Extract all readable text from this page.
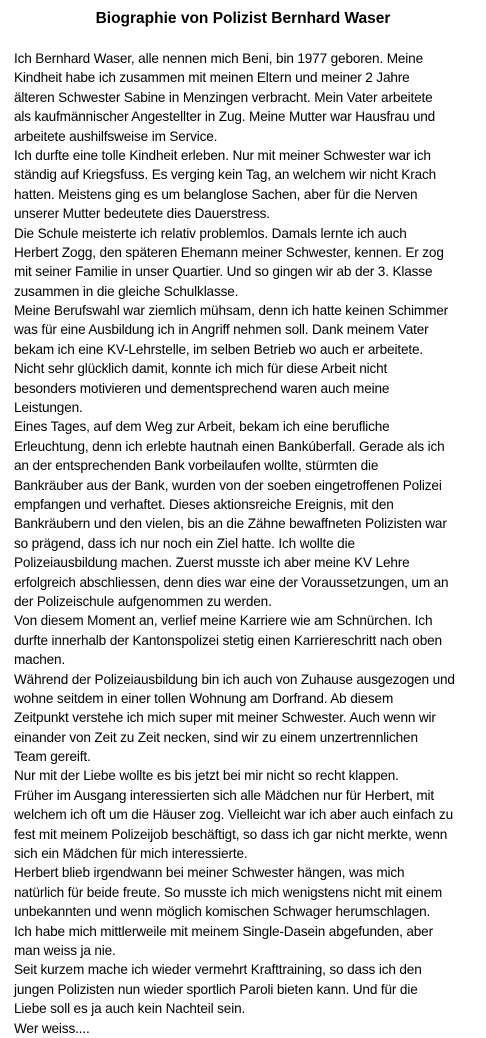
Biographie von Polizist Bernhard Waser
Ich Bernhard Waser, alle nennen mich Beni, bin 1977 geboren. Meine
Kindheit habe ich zusammen mit meinen Eltern und meiner 2 Jahre
älteren Schwester Sabine in Menzingen verbracht. Mein Vater arbeitete
als kaufmännischer Angestellter in Zug. Meine Mutter war Hausfrau und
arbeitete aushilfsweise im Service.
Ich durfte eine tolle Kindheit erleben. Nur mit meiner Schwester war ich
ständig auf Kriegsfuss. Es verging kein Tag, an welchem wir nicht Krach
hatten. Meistens ging es um belanglose Sachen, aber für die Nerven
unserer Mutter bedeutete dies Dauerstress.
Die Schule meisterte ich relativ problemlos. Damals lernte ich auch
Herbert Zogg, den späteren Ehemann meiner Schwester, kennen. Er zog
mit seiner Familie in unser Quartier. Und so gingen wir ab der 3. Klasse
zusammen in die gleiche Schulklasse.
Meine Berufswahl war ziemlich mühsam, denn ich hatte keinen Schimmer
was für eine Ausbildung ich in Angriff nehmen soll. Dank meinem Vater
bekam ich eine KV-Lehrstelle, im selben Betrieb wo auch er arbeitete.
Nicht sehr glücklich damit, konnte ich mich für diese Arbeit nicht
besonders motivieren und dementsprechend waren auch meine
Leistungen.
Eines Tages, auf dem Weg zur Arbeit, bekam ich eine berufliche
Erleuchtung, denn ich erlebte hautnah einen Bankúberfall. Gerade als ich
an der entsprechenden Bank vorbeilaufen wollte, stürmten die
Bankräuber aus der Bank, wurden von der soeben eingetroffenen Polizei
empfangen und verhaftet. Dieses aktionsreiche Ereignis, mit den
Bankräubern und den vielen, bis an die Zähne bewaffneten Polizisten war
so prägend, dass ich nur noch ein Ziel hatte. Ich wollte die
Polizeiausbildung machen. Zuerst musste ich aber meine KV Lehre
erfolgreich abschliessen, denn dies war eine der Voraussetzungen, um an
der Polizeischule aufgenommen zu werden.
Von diesem Moment an, verlief meine Karriere wie am Schnürchen. Ich
durfte innerhalb der Kantonspolizei stetig einen Karriereschritt nach oben
machen.
Während der Polizeiausbildung bin ich auch von Zuhause ausgezogen und
wohne seitdem in einer tollen Wohnung am Dorfrand. Ab diesem
Zeitpunkt verstehe ich mich super mit meiner Schwester. Auch wenn wir
einander von Zeit zu Zeit necken, sind wir zu einem unzertrennlichen
Team gereift.
Nur mit der Liebe wollte es bis jetzt bei mir nicht so recht klappen.
Früher im Ausgang interessierten sich alle Mädchen nur für Herbert, mit
welchem ich oft um die Häuser zog. Vielleicht war ich aber auch einfach zu
fest mit meinem Polizeijob beschäftigt, so dass ich gar nicht merkte, wenn
sich ein Mädchen für mich interessierte.
Herbert blieb irgendwann bei meiner Schwester hängen, was mich
natürlich für beide freute. So musste ich mich wenigstens nicht mit einem
unbekannten und wenn möglich komischen Schwager herumschlagen.
Ich habe mich mittlerweile mit meinem Single-Dasein abgefunden, aber
man weiss ja nie.
Seit kurzem mache ich wieder vermehrt Krafttraining, so dass ich den
jungen Polizisten nun wieder sportlich Paroli bieten kann. Und für die
Liebe soll es ja auch kein Nachteil sein.
Wer weiss....
